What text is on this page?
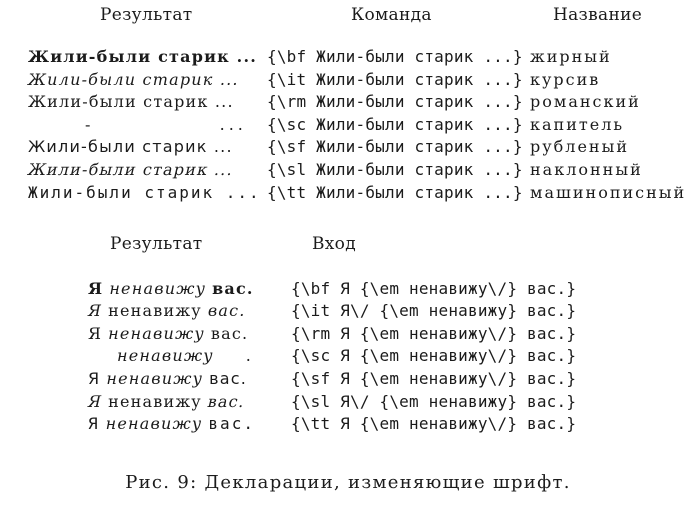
Результат	Команда	Название
Жили-были старик ... {\bf Жили-были старик ...} жирный
Жили-были старик ... {\it Жили-были старик ...} курсив
Жили-были старик ... {\rm Жили-были старик ...} романский
-	... {\sc Жили-были старик ...} капитель
Жили-были старик ... {\sf Жили-были старик ...} рубленый
Жили-были старик ... {\sl Жили-были старик ...} наклонный
Жили-были старик ... {\tt Жили-были старик ...} машинописный
Результат	Вход
Я ненавижу вас. {\bf Я {\em ненавижу\/} вас.}
Я ненавижу вас.	{\it Я\/ {\em ненавижу} вас.}
Я ненавижу вас.	{\rm Я {\em ненавижу\/} вас.}
ненавижу . {\sc Я {\em ненавижу\/} вас.}
Я ненавижу вас.	{\sf Я {\em ненавижу\/} вас.}
Я ненавижу вас.	{\sl Я\/ {\em ненавижу} вас.}
Я ненавижу вас. {\tt Я {\em ненавижу\/} вас.}
Рис. 9: Декларации, изменяющие шрифт.
